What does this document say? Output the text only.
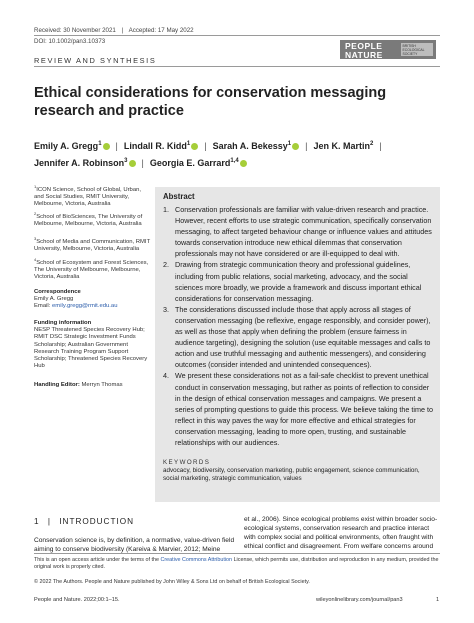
Received: 30 November 2021 | Accepted: 17 May 2022
DOI: 10.1002/pan3.10373	PEOPLE
NATURE
BRITISH ECOLOGICAL SOCIETY
REVIEW AND SYNTHESIS
Ethical considerations for conservation messaging research and practice
Emily A. Gregg$^1$ | Lindall R. Kidd$^1$ | Sarah A. Bekessy$^1$ | Jen K. Martin$^2$ |
Jennifer A. Robinson$^3$ | Georgia E. Garrard$^{1,4}$
$^1$ICON Science, School of Global, Urban, and Social Studies, RMIT University, Melbourne, Victoria, Australia
$^2$School of BioSciences, The University of Melbourne, Melbourne, Victoria, Australia
$^3$School of Media and Communication, RMIT University, Melbourne, Victoria, Australia
$^4$School of Ecosystem and Forest Sciences, The University of Melbourne, Melbourne, Victoria, Australia
Correspondence
Emily A. Gregg
Email: emily.gregg@rmit.edu.au
Funding information
NESP Threatened Species Recovery Hub; RMIT DSC Strategic Investment Funds Scholarship; Australian Government Research Training Program Support Scholarship; Threatened Species Recovery Hub
Handling Editor: Merryn Thomas
Abstract
1. Conservation professionals are familiar with value-driven research and practice. However, recent efforts to use strategic communication, specifically conservation messaging, to affect targeted behaviour change or influence values and attitudes towards conservation introduce new ethical dilemmas that conservation professionals may not have considered or are ill-equipped to deal with.
2. Drawing from strategic communication theory and professional guidelines, including from public relations, social marketing, advocacy, and the social sciences more broadly, we provide a framework and discuss important ethical considerations for conservation messaging.
3. The considerations discussed include those that apply across all stages of conservation messaging (be reflexive, engage responsibly, and consider power), as well as those that apply when defining the problem (ensure fairness in audience targeting), designing the solution (use equitable messages and calls to action and use truthful messaging and authentic messengers), and considering outcomes (consider intended and unintended consequences).
4. We present these considerations not as a fail-safe checklist to prevent unethical conduct in conservation messaging, but rather as points of reflection to consider in the design of ethical conservation messages and campaigns. We present a series of prompting questions to guide this process. We believe taking the time to reflect in this way paves the way for more effective and ethical strategies for conservation messaging, leading to more open, trusting, and sustainable relationships with our audiences.
KEYWORDS
advocacy, biodiversity, conservation marketing, public engagement, science communication, social marketing, strategic communication, values
1 | INTRODUCTION
Conservation science is, by definition, a normative, value-driven field
aiming to conserve biodiversity (Kareiva & Marvier, 2012; Meine
et al., 2006). Since ecological problems exist within broader socio-
ecological systems, conservation research and practice interact
with complex social and political environments, often fraught with
ethical conflict and disagreement. From welfare concerns around
This is an open access article under the terms of the Creative Commons Attribution License, which permits use, distribution and reproduction in any medium, provided the original work is properly cited.
© 2022 The Authors. People and Nature published by John Wiley & Sons Ltd on behalf of British Ecological Society.
People and Nature. 2022;00:1–15.	wileyonlinelibrary.com/journal/pan3	1
